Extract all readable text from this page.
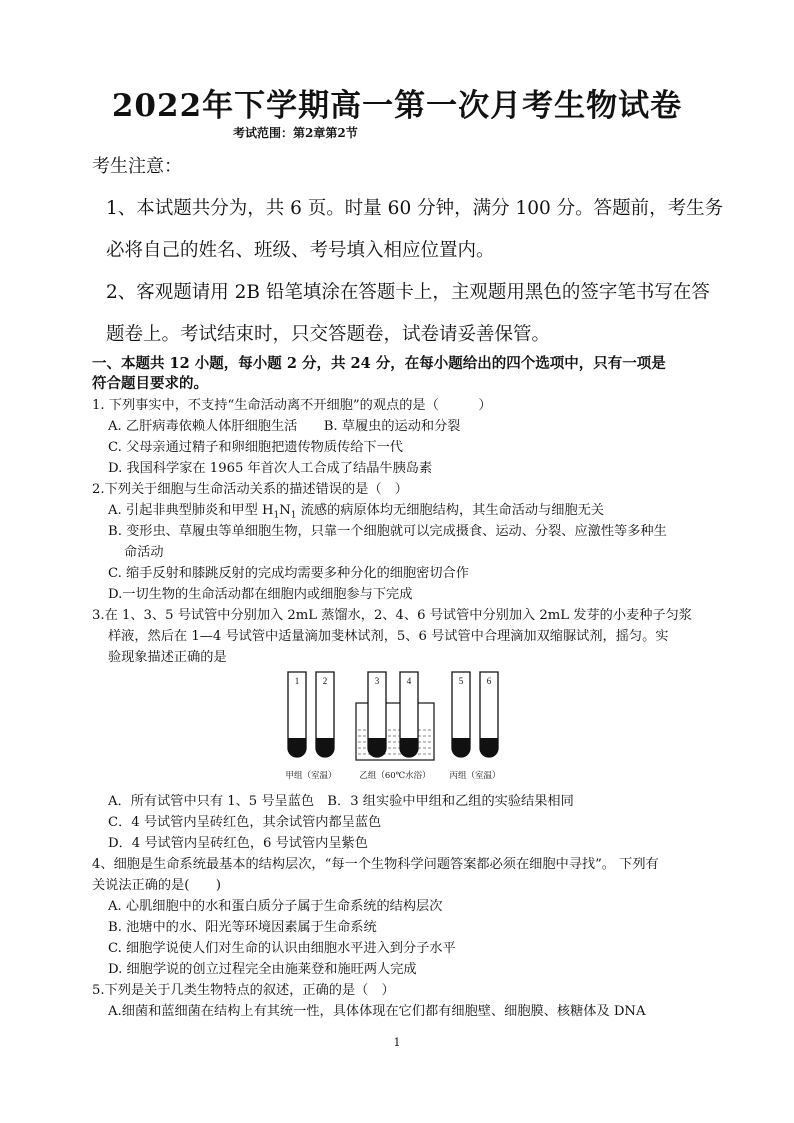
2022年下学期高一第一次月考生物试卷
考试范围：第2章第2节
考生注意：
1、本试题共分为，共 6 页。时量 60 分钟，满分 100 分。答题前，考生务
必将自己的姓名、班级、考号填入相应位置内。
2、客观题请用 2B 铅笔填涂在答题卡上，主观题用黑色的签字笔书写在答
题卷上。考试结束时，只交答题卷，试卷请妥善保管。
一、本题共 12 小题，每小题 2 分，共 24 分，在每小题给出的四个选项中，只有一项是
符合题目要求的。
1. 下列事实中，不支持“生命活动离不开细胞”的观点的是（　　　）
A. 乙肝病毒依赖人体肝细胞生活　　B. 草履虫的运动和分裂
C. 父母亲通过精子和卵细胞把遗传物质传给下一代
D. 我国科学家在 1965 年首次人工合成了结晶牛胰岛素
2.下列关于细胞与生命活动关系的描述错误的是（　）
A. 引起非典型肺炎和甲型 $H_1N_1$ 流感的病原体均无细胞结构，其生命活动与细胞无关
B. 变形虫、草履虫等单细胞生物，只靠一个细胞就可以完成摄食、运动、分裂、应激性等多种生
命活动
C. 缩手反射和膝跳反射的完成均需要多种分化的细胞密切合作
D.一切生物的生命活动都在细胞内或细胞参与下完成
3.在 1、3、5 号试管中分别加入 2mL 蒸馏水，2、4、6 号试管中分别加入 2mL 发芽的小麦种子匀浆
样液，然后在 1—4 号试管中适量滴加斐林试剂，5、6 号试管中合理滴加双缩脲试剂，摇匀。实
验现象描述正确的是
1	2	3	4	5	6
甲组（室温）	乙组（60℃水浴） 丙组（室温）
A．所有试管中只有 1、5 号呈蓝色　B．3 组实验中甲组和乙组的实验结果相同
C．4 号试管内呈砖红色，其余试管内都呈蓝色
D．4 号试管内呈砖红色，6 号试管内呈紫色
4、细胞是生命系统最基本的结构层次，“每一个生物科学问题答案都必须在细胞中寻找”。 下列有
关说法正确的是(　　)
A. 心肌细胞中的水和蛋白质分子属于生命系统的结构层次
B. 池塘中的水、阳光等环境因素属于生命系统
C. 细胞学说使人们对生命的认识由细胞水平进入到分子水平
D. 细胞学说的创立过程完全由施莱登和施旺两人完成
5.下列是关于几类生物特点的叙述，正确的是（　）
A.细菌和蓝细菌在结构上有其统一性，具体体现在它们都有细胞壁、细胞膜、核糖体及 DNA
1
